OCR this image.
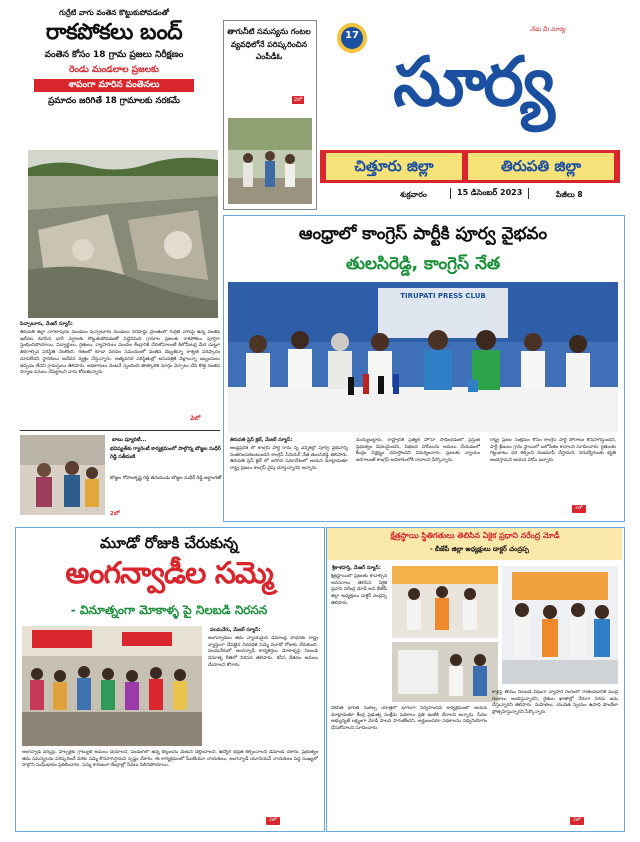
గుర్రేటి వాగు వంతెన కొట్టుకుపోవడంతో
రాకపోకలు బంద్
వంతెన కోసం 18 గ్రామ ప్రజలు నిరీక్షణం
రెండు మండలాల ప్రజలకు
శాపంగా మారిన వంతెనలు
ప్రమాదం జరిగితే 18 గ్రామాలకు నరకమే
పిచ్చాటూరు, మేజర్ న్యూస్:
తిరుపతి జిల్లా నాగలాపురం మండలం పిచ్చాటూరు మండలం సరిహద్దు ప్రాంతంలో గుర్రేటి వాగుపై ఉన్న వంతెన ఇటీవల కురిసిన భారీ వర్షాలకు కొట్టుకుపోవడంతో పద్దెనిమిది గ్రామాల ప్రజలకు రాకపోకలు పూర్తిగా స్తంభించిపోయాయి. విద్యార్థులు, రైతులు, వ్యాపారులు మండల కేంద్రానికి చేరుకోవాలంటే కిలోమీటర్ల మేర చుట్టూ తిరగాల్సిన పరిస్థితి నెలకొంది. గతంలో కూడా వరదల సమయంలో వంతెన దెబ్బతిన్నా శాశ్వత పరిష్కారం చూపలేదని స్థానికులు ఆవేదన వ్యక్తం చేస్తున్నారు. అత్యవసర పరిస్థితుల్లో ఆసుపత్రికి వెళ్లాలన్నా ఇబ్బందులు తప్పడం లేదని గ్రామస్తులు తెలిపారు. అధికారులు వెంటనే స్పందించి తాత్కాలిక మార్గం ఏర్పాటు చేసి కొత్త వంతెన నిర్మాణ పనులు చేపట్టాలని వారు కోరుతున్నారు.
2లో
బాబు ష్యూరిటీ...
భవిష్యత్‌కు గ్యారెంటీ కార్యక్రమంలో పాల్గొన్న బొజ్జల సుధీర్ రెడ్డి సతీమణి
బొజ్జల గోపాలకృష్ణ రెడ్డి తనయుడు బొజ్జల సుధీర్ రెడ్డి అర్ధాంగితో
2లో
తాగునీటి సమస్యను గంటల వ్యవధిలోనే పరిష్కరించిన ఎంపీడీఓ
2లో
17
నేడు మీ సూర్య
సూర్య
చిత్తూరు జిల్లా	తిరుపతి జిల్లా
శుక్రవారం	15 డిసెంబర్ 2023	పేజీలు 8
ఆంధ్రాలో కాంగ్రెస్ పార్టీకి పూర్వ వైభవం
తులసిరెడ్డి, కాంగ్రెస్ నేత
TIRUPATI PRESS CLUB
తిరుపతి ప్రెస్ క్లబ్, మేజర్ న్యూస్:
ఆంధ్రప్రదేశ్ లో కాంగ్రెస్ పార్టీ రాను న్న ఎన్నికల్లో పూర్వ వైభవాన్ని సంతరించుకుంటుందని కాంగ్రెస్ సీనియర్ నేత తులసిరెడ్డి తెలిపారు. తిరుపతి ప్రెస్ క్లబ్ లో జరిగిన సమావేశంలో ఆయన మాట్లాడుతూ రాష్ట్ర ప్రజలు కాంగ్రెస్ వైపు చూస్తున్నారని అన్నారు.
దుయ్యబట్టారు. రాష్ట్రానికి ప్రత్యేక హోదా సాధించడంలో ప్రస్తుత ప్రభుత్వం విఫలమైందని, విభజన హామీలను అమలు చేయడంలో కేంద్రం నిర్లక్ష్యం వహిస్తోందని విమర్శించారు. ప్రజలకు న్యాయం జరగాలంటే కాంగ్రెస్ అధికారంలోకి రావాలని పేర్కొన్నారు.
రాష్ట్ర ప్రజల సంక్షేమం కోసం కాంగ్రెస్ పార్టీ పోరాటం కొనసాగిస్తుందని, పార్టీ శ్రేణులు గ్రామ స్థాయిలో బలోపేతం కావాలని సూచించారు. రైతులకు గిట్టుబాటు ధర కల్పించి రుణమాఫీ చేస్తామని, నిరుద్యోగులకు భృతి అందిస్తామని ఆయన హామీ ఇచ్చారు.
2లో
మూడో రోజుకి చేరుకున్న
అంగన్వాడీల సమ్మె
- వినూత్నంగా మోకాళ్ళ పై నిలబడి నిరసన
పలమనేరు, మేజర్ న్యూస్:
అంగన్వాడీలు తమ న్యాయమైన డిమాండ్ల సాధనకు రాష్ట్ర వ్యాప్తంగా చేపట్టిన నిరవధిక సమ్మె మూడో రోజుకు చేరుకుంది. పలమనేరులో అంగన్వాడీ కార్యకర్తలు మోకాళ్ళపై నిలబడి వినూత్న రీతిలో నిరసన తెలిపారు. కనీస వేతనం అమలు చేయాలని కోరారు.
అంగన్వాడీ వర్కర్లు, హెల్పర్లకు గ్రాట్యుటీ అమలు చేయాలని, పెండింగ్‌లో ఉన్న బిల్లులను వెంటనే చెల్లించాలని, ఉద్యోగ భద్రత కల్పించాలని డిమాండ్ చేశారు. ప్రభుత్వం తమ సమస్యలను పరిష్కరించే వరకు సమ్మె కొనసాగిస్తామని స్పష్టం చేశారు. ఈ కార్యక్రమంలో సీఐటీయూ నాయకులు, అంగన్వాడీ యూనియన్ నాయకులు పెద్ద సంఖ్యలో పాల్గొని సంఘీభావం ప్రకటించారు. సమ్మె కారణంగా కేంద్రాల్లో సేవలు నిలిచిపోయాయి.
2లో
క్షేత్రస్థాయి స్థితిగతులు తెలిసిన ఏకైక ప్రధాని నరేంద్ర మోడీ
- బీజేపీ జిల్లా అధ్యక్షులు డాక్టర్ చంద్రప్ప
శ్రీకాళహస్తి, మేజర్ న్యూస్:
క్షేత్రస్థాయిలో ప్రజలకు కావాల్సిన అవసరాలు తెలిసిన ఏకైక ప్రధాని నరేంద్ర మోడీ అని బీజేపీ జిల్లా అధ్యక్షులు డాక్టర్ చంద్రప్ప తెలిపారు.
వికసిత్ భారత్ సంకల్ప యాత్రలో భాగంగా నిర్వహించిన కార్యక్రమంలో ఆయన మాట్లాడుతూ కేంద్ర ప్రభుత్వ సంక్షేమ పథకాలు ప్రతి ఇంటికి చేరాలని అన్నారు. పేదల అభ్యున్నతే లక్ష్యంగా మోడీ పాలన సాగుతోందని, అర్హులందరూ పథకాలను సద్వినియోగం చేసుకోవాలని సూచించారు.
కాళ్లపై తాము నిలబడే విధంగా వ్యాపార రంగంలో రాణించడానికి ముద్ర రుణాలు అందిస్తున్నారని, రైతుల ఖాతాల్లో నేరుగా నగదు జమ చేస్తున్నారని తెలిపారు. మహిళలు, యువత స్వయం ఉపాధి పొందేలా ప్రోత్సహిస్తున్నారని పేర్కొన్నారు.
2లో
